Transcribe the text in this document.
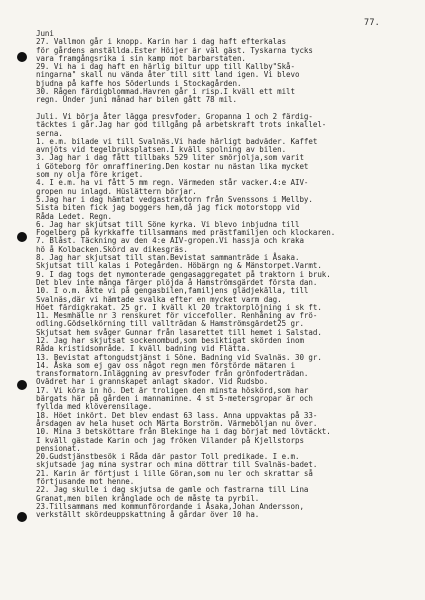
77.
Juni
27. Vallmon går i knopp. Karin har i dag haft efterkalas
för gårdens anställda.Ester Höijer är väl gäst. Tyskarna tycks
vara framgångsrika i sin kamp mot barbarstaten.
29. Vi ha i dag haft en härlig biltur upp till Kallby"Skå-
ningarna" skall nu vända åter till sitt land igen. Vi blevo
bjudna på kaffe hos Söderlunds i Stockagården.
30. Rågen färdigblommad.Havren går i risp.I kväll ett milt
regn. Under juni månad har bilen gått 78 mil.
Juli. Vi börja åter lägga presvfoder. Gropanna 1 och 2 färdig-
täcktes i går.Jag har god tillgång på arbetskraft trots inkallel-
serna.
1. e.m. bilade vi till Svalnäs.Vi hade härligt badväder. Kaffet
avnjöts vid tegelbruksplatsen.I kväll spolning av bilen.
3. Jag har i dag fått tillbaks 529 liter smörjolja,som varit
i Göteborg för omraffinering.Den kostar nu nästan lika mycket
som ny olja före kriget.
4. I e.m. ha vi fått 5 mm regn. Värmeden står vacker.4:e AIV-
gropen nu inlagd. Hüslättern börjar.
5.Jag har i dag hämtat vedgastraktorn från Svenssons i Mellby.
Sista biten fick jag boggers hem,då jag fick motorstopp vid
Råda Ledet. Regn.
6. Jag har skjutsat till Söne kyrka. Vi blevo inbjudna till
Fogelberg på kyrkkaffe tillsammans med prästfamiljen och klockaren.
7. Blåst. Täckning av den 4:e AIV-gropen.Vi hassja och kraka
hö å Kolbacken.Skörd av dikesgräs.
8. Jag har skjutsat till stan.Bevistat sammanträde i Åsaka.
Skjutsat till kalas i Potegården. Höbärgn ng & Mänstorpet.Varmt.
9. I dag togs det nymonterade gengasaggregatet på traktorn i bruk.
Det blev inte många färger plöjda å Hamströmsgärdet första dan.
10. I o.m. åkte vi på gengasbilen,familjens glädjekälla, till
Svalnäs,där vi hämtade svalka efter en mycket varm dag.
Höet färdigkrakat. 25 gr. I kväll kl 20 traktorplöjning i sk ft.
11. Mesmhälle nr 3 renskuret för viccefoller. Renhåning av frö-
odling.Gödselkörning till vallträdan & Hamströmsgärdet25 gr.
Skjutsat hem svåger Gunnar från lasarettet till hemet i Salstad.
12. Jag har skjutsat sockenombud,som besiktigat skörden inom
Råda kristidsområde. I kväll badning vid Flätta.
13. Bevistat aftongudstjänst i Söne. Badning vid Svalnäs. 30 gr.
14. Åska som ej gav oss något regn men förstörde mätaren i
transformatorn.Inläggning av presvfoder från grönfoderträdan.
Ovädret har i grannskapet anlagt skador. Vid Rudsbo.
17. Vi köra in hö. Det är troligen den minsta höskörd,som har
bärgats här på gården i mannaminne. 4 st 5-metersgropar är och
fyllda med klöverensilage.
18. Höet inkört. Det blev endast 63 lass. Anna uppvaktas på 33-
årsdagen av hela huset och Märta Borström. Värmeböljan nu över.
10. Mina 3 betsköttare från Blekinge ha i dag börjat med lövtäckt.
I kväll gästade Karin och jag fröken Vilander på Kjellstorps
pensionat.
20.Gudstjänstbesök i Råda där pastor Toll predikade. I e.m.
skjutsade jag mina systrar och mina döttrar till Svalnäs-badet.
21. Karin är förtjust i lille Göran,som nu ler och skrattar så
förtjusande mot henne.
22. Jag skulle i dag skjutsa de gamle och fastrarna till Lina
Granat,men bilen krånglade och de måste ta pyrbil.
23.Tillsammans med kommunförordande i Åsaka,Johan Andersson,
verkställt skördeuppskattning å gårdar över 10 ha.
